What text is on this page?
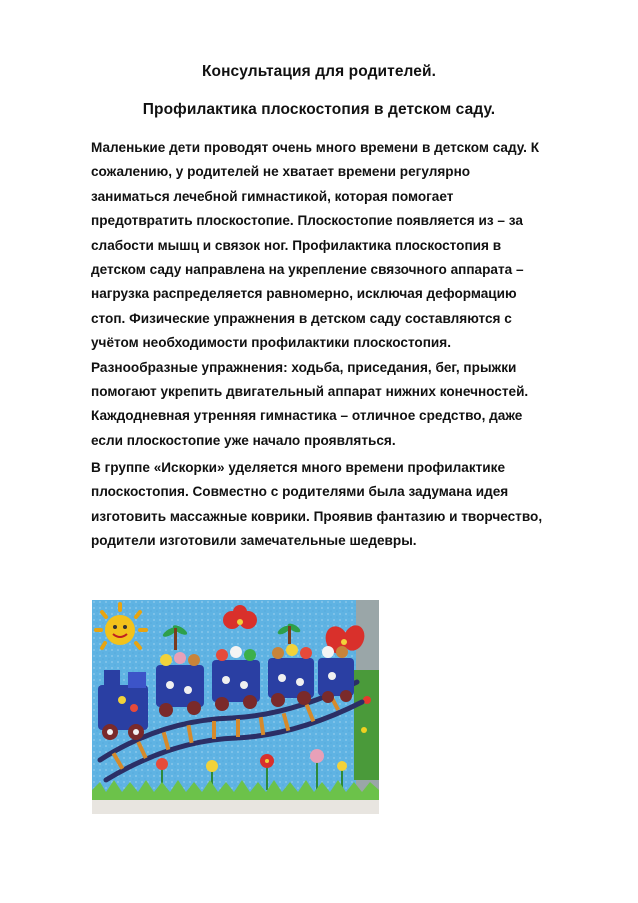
Консультация для родителей.
Профилактика плоскостопия в детском саду.
Маленькие дети проводят очень много времени в детском саду. К
сожалению, у родителей не хватает времени регулярно
заниматься лечебной гимнастикой, которая помогает
предотвратить плоскостопие. Плоскостопие появляется из – за
слабости мышц и связок ног. Профилактика плоскостопия в
детском саду направлена на укрепление связочного аппарата –
нагрузка распределяется равномерно, исключая деформацию
стоп. Физические упражнения в детском саду составляются с
учётом необходимости профилактики плоскостопия.
Разнообразные упражнения: ходьба, приседания, бег, прыжки
помогают укрепить двигательный аппарат нижних конечностей.
Каждодневная утренняя гимнастика – отличное средство, даже
если плоскостопие уже начало проявляться.
В группе «Искорки» уделяется много времени профилактике
плоскостопия. Совместно с родителями была задумана идея
изготовить массажные коврики. Проявив фантазию и творчество,
родители изготовили замечательные шедевры.
